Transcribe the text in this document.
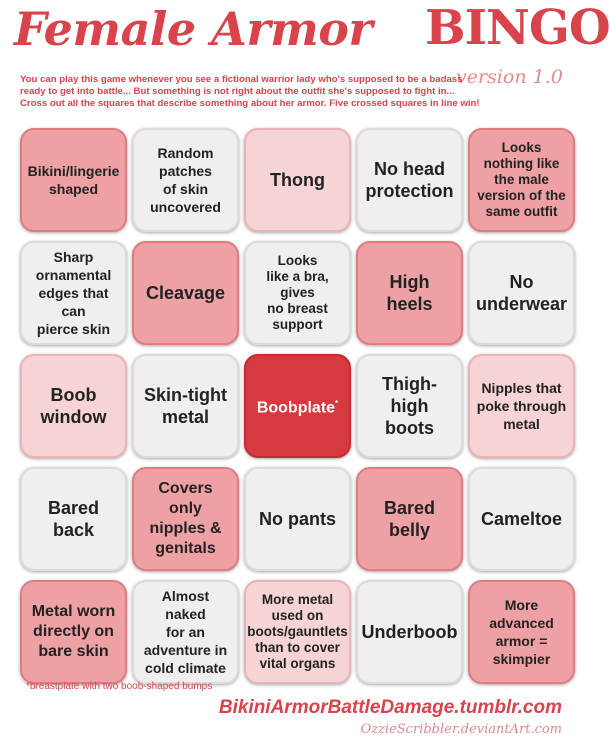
Female Armor BINGO
version 1.0
You can play this game whenever you see a fictional warrior lady who's supposed to be a badass
ready to get into battle... But something is not right about the outfit she's supposed to fight in...
Cross out all the squares that describe something about her armor. Five crossed squares in line win!
Bikini/lingerie
shaped
Random
patches
of skin
uncovered
Thong
No head
protection
Looks
nothing like
the male
version of the
same outfit
Sharp
ornamental
edges that can
pierce skin
Cleavage
Looks
like a bra,
gives
no breast
support
High heels
No
underwear
Boob
window
Skin-tight
metal	Boobplate*
Thigh-high
boots
Nipples that
poke through
metal
Bared back
Covers only
nipples &
genitals
No pants
Bared
belly
Cameltoe
Metal worn
directly on
bare skin
Almost naked
for an
adventure in
cold climate
More metal
used on
boots/gauntlets
than to cover
vital organs
Underboob
More
advanced
armor =
skimpier
*breastplate with two boob-shaped bumps
BikiniArmorBattleDamage.tumblr.com
OzzieScribbler.deviantArt.com
